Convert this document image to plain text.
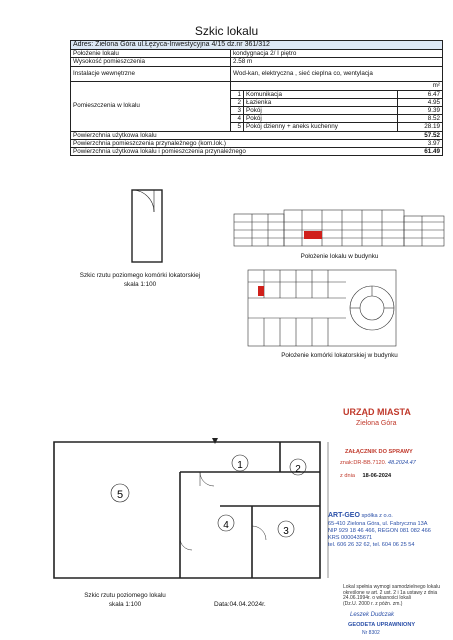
Szkic lokalu
Adres: Zielona Góra ul.Łężyca-Inwestycyjna 4/15 dz.nr 361/312
Położenie lokalu	kondygnacja 2/ I piętro
Wysokość pomieszczenia	2.58 m
Instalacje wewnętrzne	Wod-kan, elektryczna , sieć cieplna co, wentylacja
Pomieszczenia w lokalu	
	m²
1	Komunikacja	6.47
2	Łazienka	4.95
3	Pokój	9.39
4	Pokój	8.52
5	Pokój dzienny + aneks kuchenny	28.19

Powierzchnia użytkowa lokalu	57.52

Powierzchnia pomieszczenia przynależnego (kom.lok.)	3.97

Powierzchnia użytkowa lokalu i pomieszczenia przynależnego	61.49
Szkic rzutu poziomego komórki lokatorskiej
skala 1:100
Położenie lokalu w budynku
Położenie komórki lokatorskiej w budynku
1	2
3
4
5
Szkic rzutu poziomego lokalu
skala 1:100	Data:04.04.2024r.
URZĄD MIASTA
Zielona Góra
ZAŁĄCZNIK DO SPRAWY
znak:DR-BB.7120. 48.2024.47
z dnia 18-06-2024
ART-GEO spółka z o.o.
65-410 Zielona Góra, ul. Fabryczna 13A
NIP 929 18 46 466, REGON 081 082 466
KRS 0000435671
tel. 606 26 32 62, tel. 604 06 25 54
Lokal spełnia wymogi samodzielnego lokalu
określone w art. 2 ust. 2 i 1a ustawy z dnia
24.06.1994r. o własności lokali
(Dz.U. 2000 r. z późn. zm.)
Leszek Dudczak
GEODETA UPRAWNIONY
Nr 8302
